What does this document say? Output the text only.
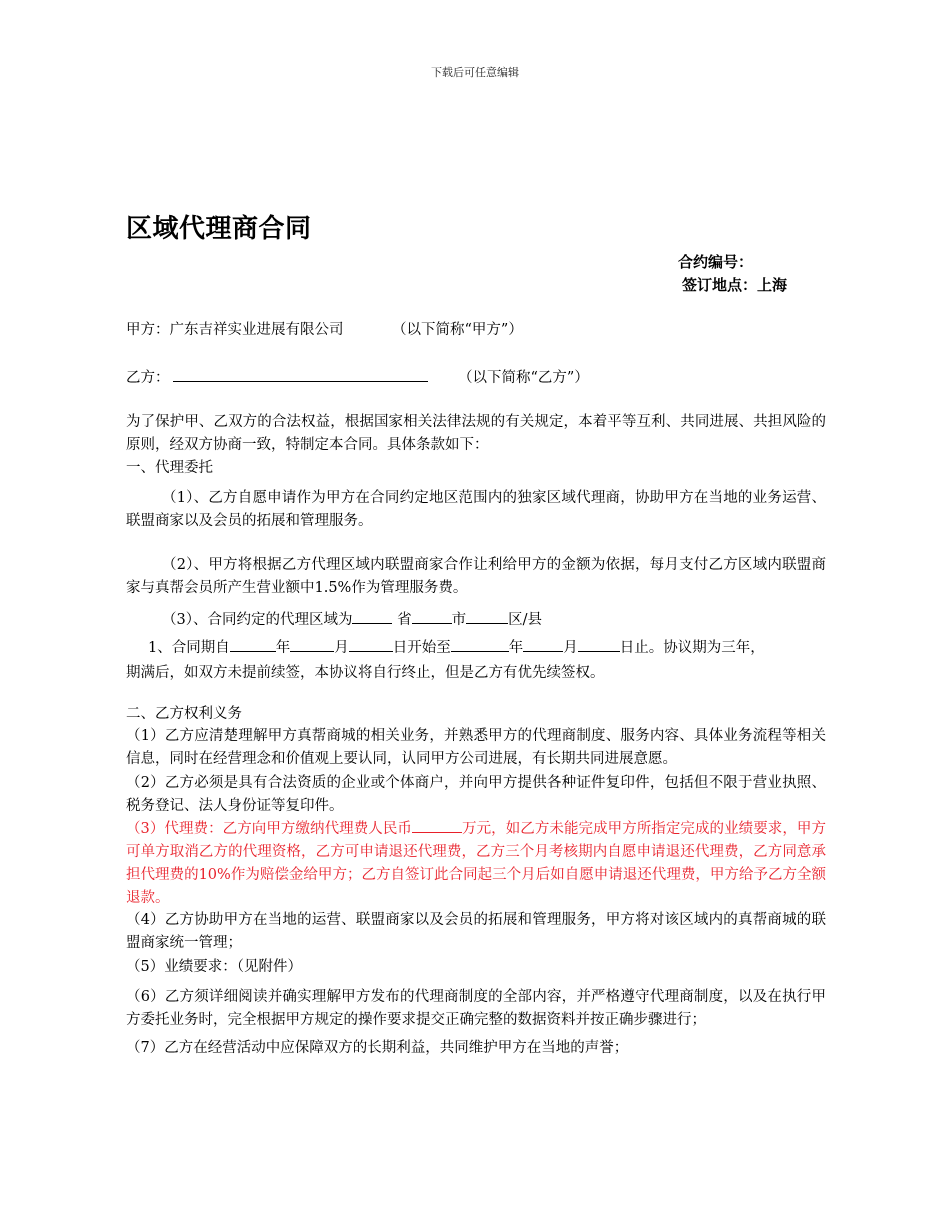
下载后可任意编辑
区域代理商合同
合约编号：
签订地点：上海
甲方：广东吉祥实业进展有限公司	（以下简称“甲方”）
乙方：	（以下简称“乙方”）
为了保护甲、乙双方的合法权益，根据国家相关法律法规的有关规定，本着平等互利、共同进展、共担风险的原则，经双方协商一致，特制定本合同。具体条款如下：
一、代理委托
（1）、乙方自愿申请作为甲方在合同约定地区范围内的独家区域代理商，协助甲方在当地的业务运营、联盟商家以及会员的拓展和管理服务。
（2）、甲方将根据乙方代理区域内联盟商家合作让利给甲方的金额为依据，每月支付乙方区域内联盟商家与真帮会员所产生营业额中1.5%作为管理服务费。
（3）、合同约定的代理区域为	省	市	区/县
1、合同期自	年	月	日开始至	年	月	日止。协议期为三年，
期满后，如双方未提前续签，本协议将自行终止，但是乙方有优先续签权。
二、乙方权利义务
（1）乙方应清楚理解甲方真帮商城的相关业务，并熟悉甲方的代理商制度、服务内容、具体业务流程等相关信息，同时在经营理念和价值观上要认同，认同甲方公司进展，有长期共同进展意愿。
（2）乙方必须是具有合法资质的企业或个体商户，并向甲方提供各种证件复印件，包括但不限于营业执照、税务登记、法人身份证等复印件。
（3）代理费：乙方向甲方缴纳代理费人民币	万元，如乙方未能完成甲方所指定完成的业绩要求，甲方可单方取消乙方的代理资格，乙方可申请退还代理费，乙方三个月考核期内自愿申请退还代理费，乙方同意承担代理费的10%作为赔偿金给甲方；乙方自签订此合同起三个月后如自愿申请退还代理费，甲方给予乙方全额退款。
（4）乙方协助甲方在当地的运营、联盟商家以及会员的拓展和管理服务，甲方将对该区域内的真帮商城的联盟商家统一管理；
（5）业绩要求：（见附件）
（6）乙方须详细阅读并确实理解甲方发布的代理商制度的全部内容，并严格遵守代理商制度，以及在执行甲方委托业务时，完全根据甲方规定的操作要求提交正确完整的数据资料并按正确步骤进行；
（7）乙方在经营活动中应保障双方的长期利益，共同维护甲方在当地的声誉；
